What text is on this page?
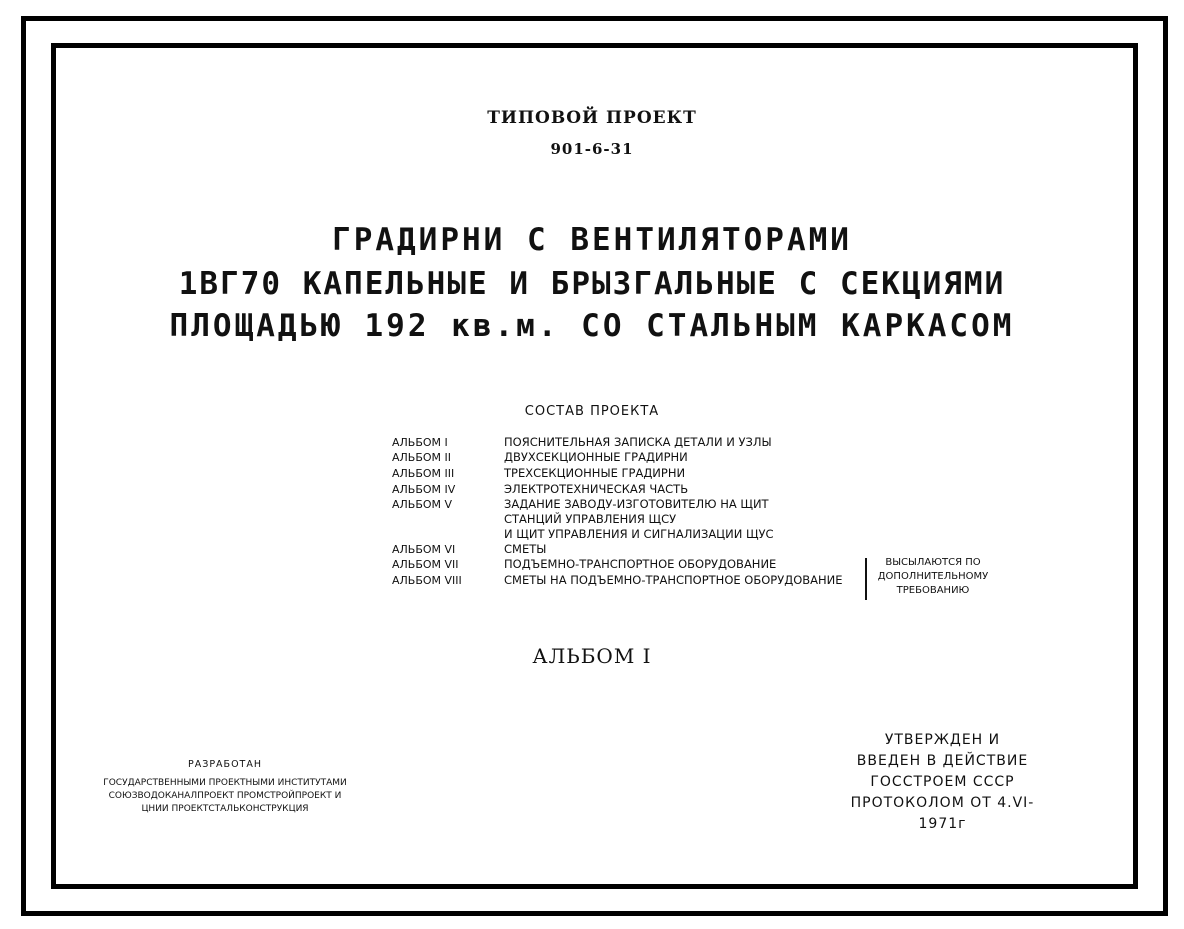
ТИПОВОЙ ПРОЕКТ
901-6-31
ГРАДИРНИ С ВЕНТИЛЯТОРАМИ
1ВГ70 КАПЕЛЬНЫЕ И БРЫЗГАЛЬНЫЕ С СЕКЦИЯМИ
ПЛОЩАДЬЮ 192 кв.м. СО СТАЛЬНЫМ КАРКАСОМ
СОСТАВ ПРОЕКТА
АЛЬБОМ I	ПОЯСНИТЕЛЬНАЯ ЗАПИСКА ДЕТАЛИ И УЗЛЫ
АЛЬБОМ II	ДВУХСЕКЦИОННЫЕ ГРАДИРНИ
АЛЬБОМ III	ТРЕХСЕКЦИОННЫЕ ГРАДИРНИ
АЛЬБОМ IV	ЭЛЕКТРОТЕХНИЧЕСКАЯ ЧАСТЬ
АЛЬБОМ V	ЗАДАНИЕ ЗАВОДУ-ИЗГОТОВИТЕЛЮ НА ЩИТ
СТАНЦИЙ УПРАВЛЕНИЯ ЩСУ
И ЩИТ УПРАВЛЕНИЯ И СИГНАЛИЗАЦИИ ЩУС
АЛЬБОМ VI	СМЕТЫ
АЛЬБОМ VII	ПОДЪЕМНО-ТРАНСПОРТНОЕ ОБОРУДОВАНИЕ
АЛЬБОМ VIII	СМЕТЫ НА ПОДЪЕМНО-ТРАНСПОРТНОЕ ОБОРУДОВАНИЕ
ВЫСЫЛАЮТСЯ ПО
ДОПОЛНИТЕЛЬНОМУ
ТРЕБОВАНИЮ
АЛЬБОМ I
РАЗРАБОТАН
ГОСУДАРСТВЕННЫМИ ПРОЕКТНЫМИ ИНСТИТУТАМИ
СОЮЗВОДОКАНАЛПРОЕКТ ПРОМСТРОЙПРОЕКТ И
ЦНИИ ПРОЕКТСТАЛЬКОНСТРУКЦИЯ
УТВЕРЖДЕН И
ВВЕДЕН В ДЕЙСТВИЕ
ГОССТРОЕМ СССР
ПРОТОКОЛОМ ОТ 4.VI-1971г
